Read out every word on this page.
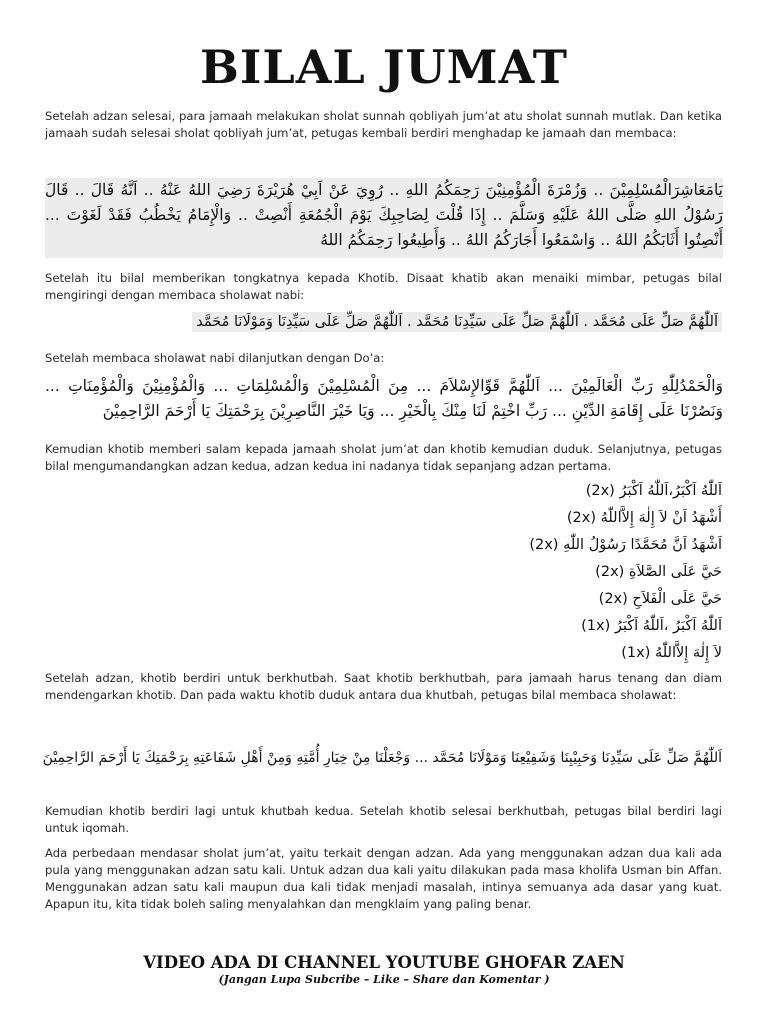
BILAL JUMAT
Setelah adzan selesai, para jamaah melakukan sholat sunnah qobliyah jum’at atu sholat sunnah mutlak. Dan ketika jamaah sudah selesai sholat qobliyah jum’at, petugas kembali berdiri menghadap ke jamaah dan membaca:
يَامَعَاشِرَالْمُسْلِمِيْنَ .. وَزُمْرَةَ الْمُؤْمِنِيْنَ رَحِمَكُمُ اللهِ .. رُوِيَ عَنْ اَبِيْ هُرَيْرَةَ رَضِيَ اللهُ عَنْهُ .. اَنَّهُ قَالَ .. قَالَ رَسُوْلُ اللهِ صَلَّى اللهُ عَلَيْهِ وَسَلَّمَ .. إِذَا قُلْتَ لِصَاحِبِكَ يَوْمَ الْجُمُعَةِ أَنْصِتْ .. وَالْإِمَامُ يَخْطُبُ فَقَدْ لَغَوْتَ ... أَنْصِتُوا أَثَابَكُمُ اللهُ .. وَاسْمَعُوا أَجَارَكُمُ اللهُ .. وَأَطِيعُوا رَحِمَكُمُ اللهُ
Setelah itu bilal memberikan tongkatnya kepada Khotib. Disaat khatib akan menaiki mimbar, petugas bilal mengiringi dengan membaca sholawat nabi:
اَللّٰهُمَّ صَلِّ عَلَى مُحَمَّد . اَللّٰهُمَّ صَلِّ عَلَى سَيِّدِنَا مُحَمَّد . اَللّٰهُمَّ صَلِّ عَلَى سَيِّدِنَا وَمَوْلَانَا مُحَمَّد
Setelah membaca sholawat nabi dilanjutkan dengan Do’a:
وَالْحَمْدُلِلّٰهِ رَبِّ الْعَالَمِيْنَ ... اَللّٰهُمَّ قَوِّالإِسْلاَمَ ... مِنَ الْمُسْلِمِيْنَ وَالْمُسْلِمَاتِ ... وَالْمُؤْمِنِيْنَ وَالْمُؤْمِنَاتِ ... وَنَصُرْنَا عَلَى إِقَامَةِ الدِّيْنِ ... رَبِّ اخْتِمْ لَنَا مِنْكَ بِالْخَيْرِ ... وَيَا خَيْرَ النَّاصِرِيْنَ بِرَحْمَتِكَ يَا أَرْحَمَ الرَّاحِمِيْنَ
Kemudian khotib memberi salam kepada jamaah sholat jum’at dan khotib kemudian duduk. Selanjutnya, petugas bilal mengumandangkan adzan kedua, adzan kedua ini nadanya tidak sepanjang adzan pertama.
اَللّٰهُ اَكْبَرُ،اَللّٰهُ اَكْبَرُ (2x)
أَشْهَدُ اَنْ لاَ إِلٰهَ إِلاَّاللّٰهُ (2x)
اَشْهَدُ اَنَّ مُحَمَّدًا رَسُوْلُ اللّٰهِ (2x)
حَيَّ عَلَى الصَّلاَةِ (2x)
حَيَّ عَلَى الْفَلاَحِ (2x)
اَللّٰهُ اَكْبَرُ ،اَللّٰهُ اَكْبَرُ (1x)
لاَ إِلٰهَ إِلاَّاللّٰهُ (1x)
Setelah adzan, khotib berdiri untuk berkhutbah. Saat khotib berkhutbah, para jamaah harus tenang dan diam mendengarkan khotib. Dan pada waktu khotib duduk antara dua khutbah, petugas bilal membaca sholawat:
اَللّٰهُمَّ صَلِّ عَلَى سَيِّدِنَا وَحَبِيْبِنَا وَشَفِيْعِنَا وَمَوْلَانَا مُحَمَّد ... وَجْعَلْنَا مِنْ خِيَارِ أُمَّتِهِ وَمِنْ أَهْلِ شَفَاعَتِهِ بِرَحْمَتِكَ يَا أَرْحَمَ الرَّاحِمِيْنَ
Kemudian khotib berdiri lagi untuk khutbah kedua. Setelah khotib selesai berkhutbah, petugas bilal berdiri lagi untuk iqomah.
Ada perbedaan mendasar sholat jum’at, yaitu terkait dengan adzan. Ada yang menggunakan adzan dua kali ada pula yang menggunakan adzan satu kali. Untuk adzan dua kali yaitu dilakukan pada masa kholifa Usman bin Affan. Menggunakan adzan satu kali maupun dua kali tidak menjadi masalah, intinya semuanya ada dasar yang kuat. Apapun itu, kita tidak boleh saling menyalahkan dan mengklaim yang paling benar.
VIDEO ADA DI CHANNEL YOUTUBE GHOFAR ZAEN
(Jangan Lupa Subcribe – Like – Share dan Komentar )
